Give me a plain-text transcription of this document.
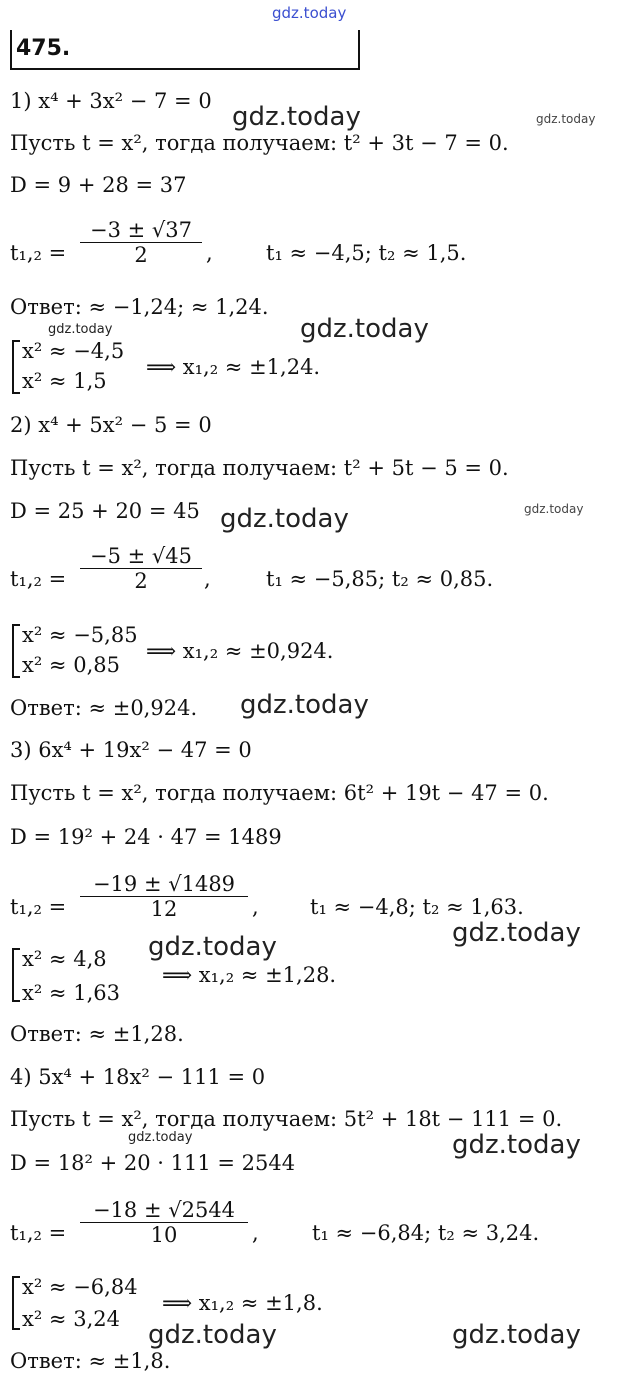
gdz.today
475.
1) x⁴ + 3x² − 7 = 0
gdz.today	gdz.today
Пусть t = x², тогда получаем: t² + 3t − 7 = 0.
D = 9 + 28 = 37
t₁,₂ =
−3 ± √37
2	,	t₁ ≈ −4,5; t₂ ≈ 1,5.
Ответ: ≈ −1,24; ≈ 1,24.
gdz.today	gdz.today
x² ≈ −4,5
x² ≈ 1,5
⟹ x₁,₂ ≈ ±1,24.
2) x⁴ + 5x² − 5 = 0
Пусть t = x², тогда получаем: t² + 5t − 5 = 0.
D = 25 + 20 = 45 gdz.today	gdz.today
t₁,₂ =
−5 ± √45
2	,	t₁ ≈ −5,85; t₂ ≈ 0,85.
x² ≈ −5,85
x² ≈ 0,85
⟹ x₁,₂ ≈ ±0,924.
Ответ: ≈ ±0,924. gdz.today
3) 6x⁴ + 19x² − 47 = 0
Пусть t = x², тогда получаем: 6t² + 19t − 47 = 0.
D = 19² + 24 · 47 = 1489
t₁,₂ =
−19 ± √1489
12	, t₁ ≈ −4,8; t₂ ≈ 1,63.
gdz.today
gdz.today
x² ≈ 4,8
x² ≈ 1,63
⟹ x₁,₂ ≈ ±1,28.
Ответ: ≈ ±1,28.
4) 5x⁴ + 18x² − 111 = 0
Пусть t = x², тогда получаем: 5t² + 18t − 111 = 0.
gdz.today	gdz.today
D = 18² + 20 · 111 = 2544
t₁,₂ =
−18 ± √2544
10	,	t₁ ≈ −6,84; t₂ ≈ 3,24.
x² ≈ −6,84
x² ≈ 3,24
⟹ x₁,₂ ≈ ±1,8.
gdz.today	gdz.today
Ответ: ≈ ±1,8.
